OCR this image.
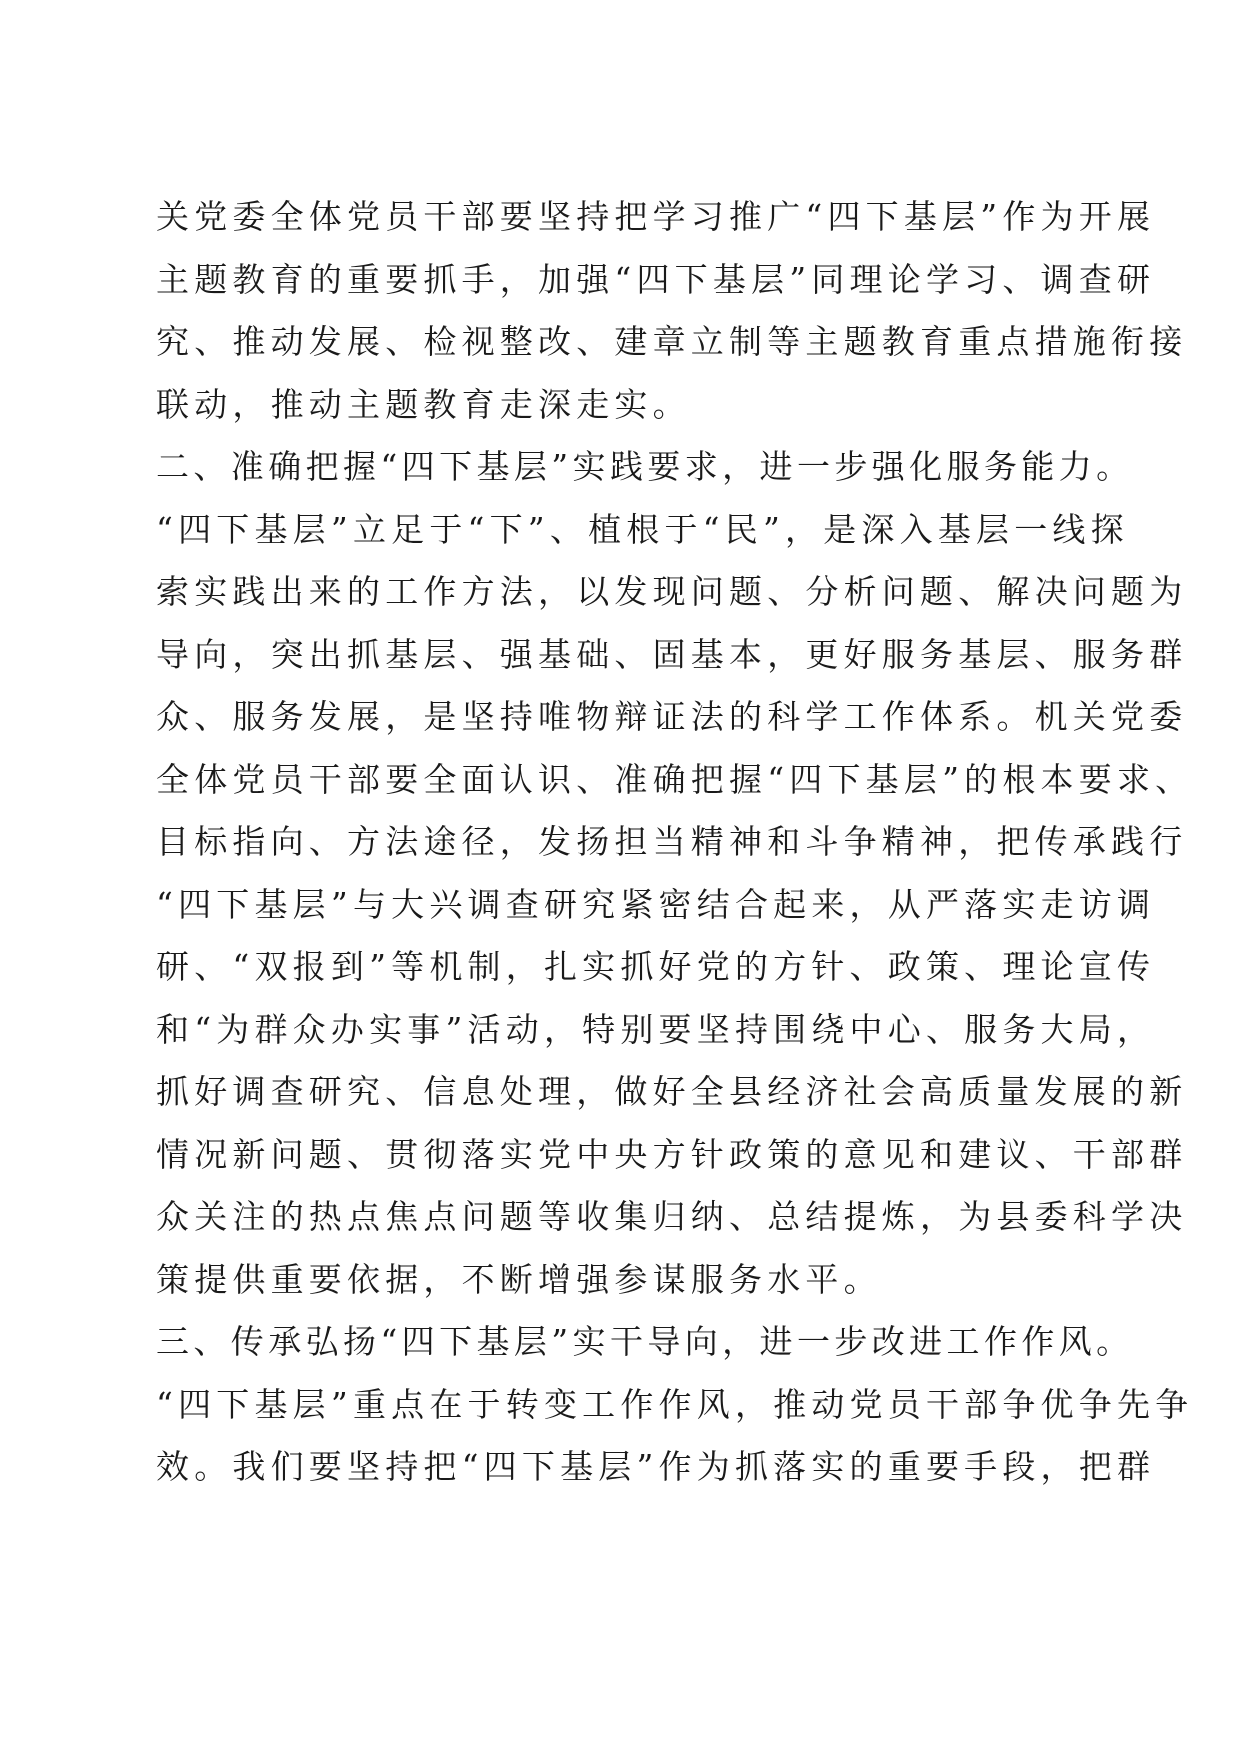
关党委全体党员干部要坚持把学习推广“四下基层”作为开展
主题教育的重要抓手，加强“四下基层”同理论学习、调查研
究、推动发展、检视整改、建章立制等主题教育重点措施衔接
联动，推动主题教育走深走实。
二、准确把握“四下基层”实践要求，进一步强化服务能力。
“四下基层”立足于“下”、植根于“民”，是深入基层一线探
索实践出来的工作方法，以发现问题、分析问题、解决问题为
导向，突出抓基层、强基础、固基本，更好服务基层、服务群
众、服务发展，是坚持唯物辩证法的科学工作体系。机关党委
全体党员干部要全面认识、准确把握“四下基层”的根本要求、
目标指向、方法途径，发扬担当精神和斗争精神，把传承践行
“四下基层”与大兴调查研究紧密结合起来，从严落实走访调
研、“双报到”等机制，扎实抓好党的方针、政策、理论宣传
和“为群众办实事”活动，特别要坚持围绕中心、服务大局，
抓好调查研究、信息处理，做好全县经济社会高质量发展的新
情况新问题、贯彻落实党中央方针政策的意见和建议、干部群
众关注的热点焦点问题等收集归纳、总结提炼，为县委科学决
策提供重要依据，不断增强参谋服务水平。
三、传承弘扬“四下基层”实干导向，进一步改进工作作风。
“四下基层”重点在于转变工作作风，推动党员干部争优争先争
效。我们要坚持把“四下基层”作为抓落实的重要手段，把群
